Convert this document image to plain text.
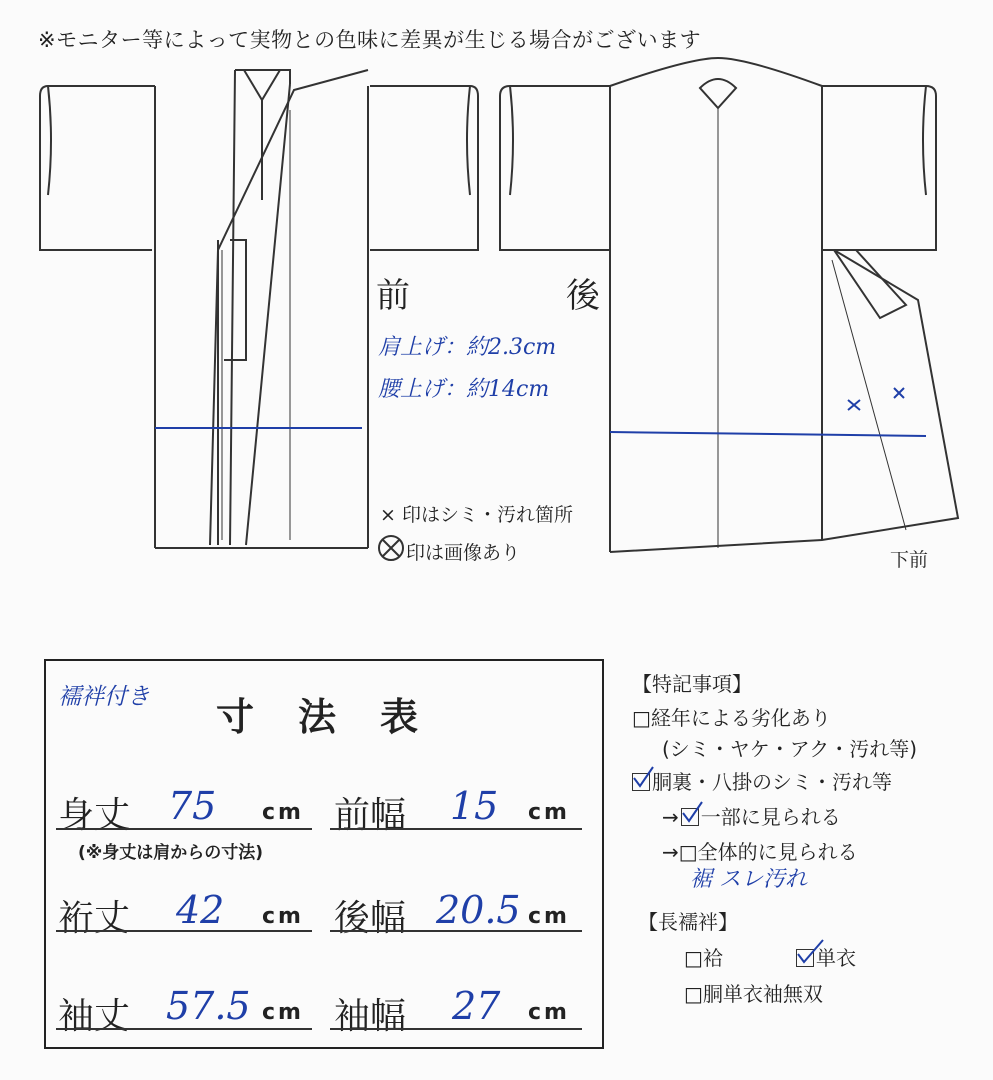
※モニター等によって実物との色味に差異が生じる場合がございます
前	後
肩上げ：約2.3cm
腰上げ：約14cm
× 印はシミ・汚れ箇所
印は画像あり	下前
襦袢付き 寸法表
身丈 75 cm 前幅 15 cm
(※身丈は肩からの寸法)
裄丈 42 cm 後幅 20.5 cm
袖丈 57.5 cm 袖幅 27 cm
【特記事項】
□経年による劣化あり
(シミ・ヤケ・アク・汚れ等)
胴裏・八掛のシミ・汚れ等
→ 一部に見られる
→□全体的に見られる
裾 スレ汚れ
【長襦袢】
□袷	単衣
□胴単衣袖無双
